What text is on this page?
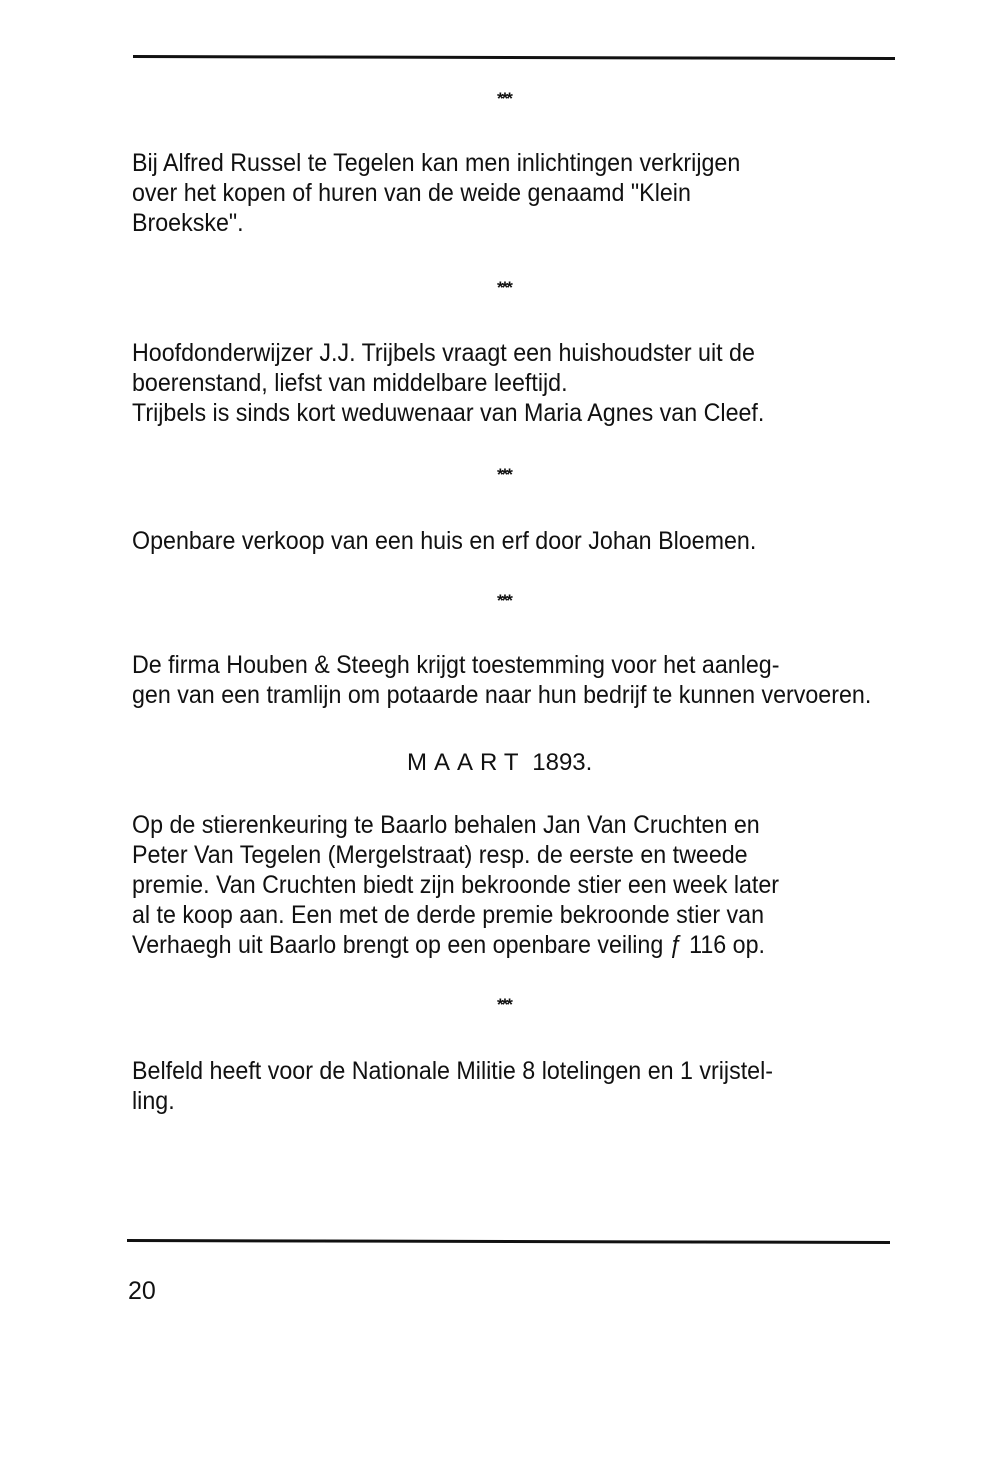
***

Bij Alfred Russel te Tegelen kan men inlichtingen verkrijgen
over het kopen of huren van de weide genaamd "Klein
Broekske".

***

Hoofdonderwijzer J.J. Trijbels vraagt een huishoudster uit de
boerenstand, liefst van middelbare leeftijd.
Trijbels is sinds kort weduwenaar van Maria Agnes van Cleef.

***

Openbare verkoop van een huis en erf door Johan Bloemen.

***

De firma Houben & Steegh krijgt toestemming voor het aanleg-
gen van een tramlijn om potaarde naar hun bedrijf te kunnen vervoeren.

MAART 1893.

Op de stierenkeuring te Baarlo behalen Jan Van Cruchten en
Peter Van Tegelen (Mergelstraat) resp. de eerste en tweede
premie. Van Cruchten biedt zijn bekroonde stier een week later
al te koop aan. Een met de derde premie bekroonde stier van
Verhaegh uit Baarlo brengt op een openbare veiling ƒ 116 op.

***

Belfeld heeft voor de Nationale Militie 8 lotelingen en 1 vrijstel-
ling.

20
